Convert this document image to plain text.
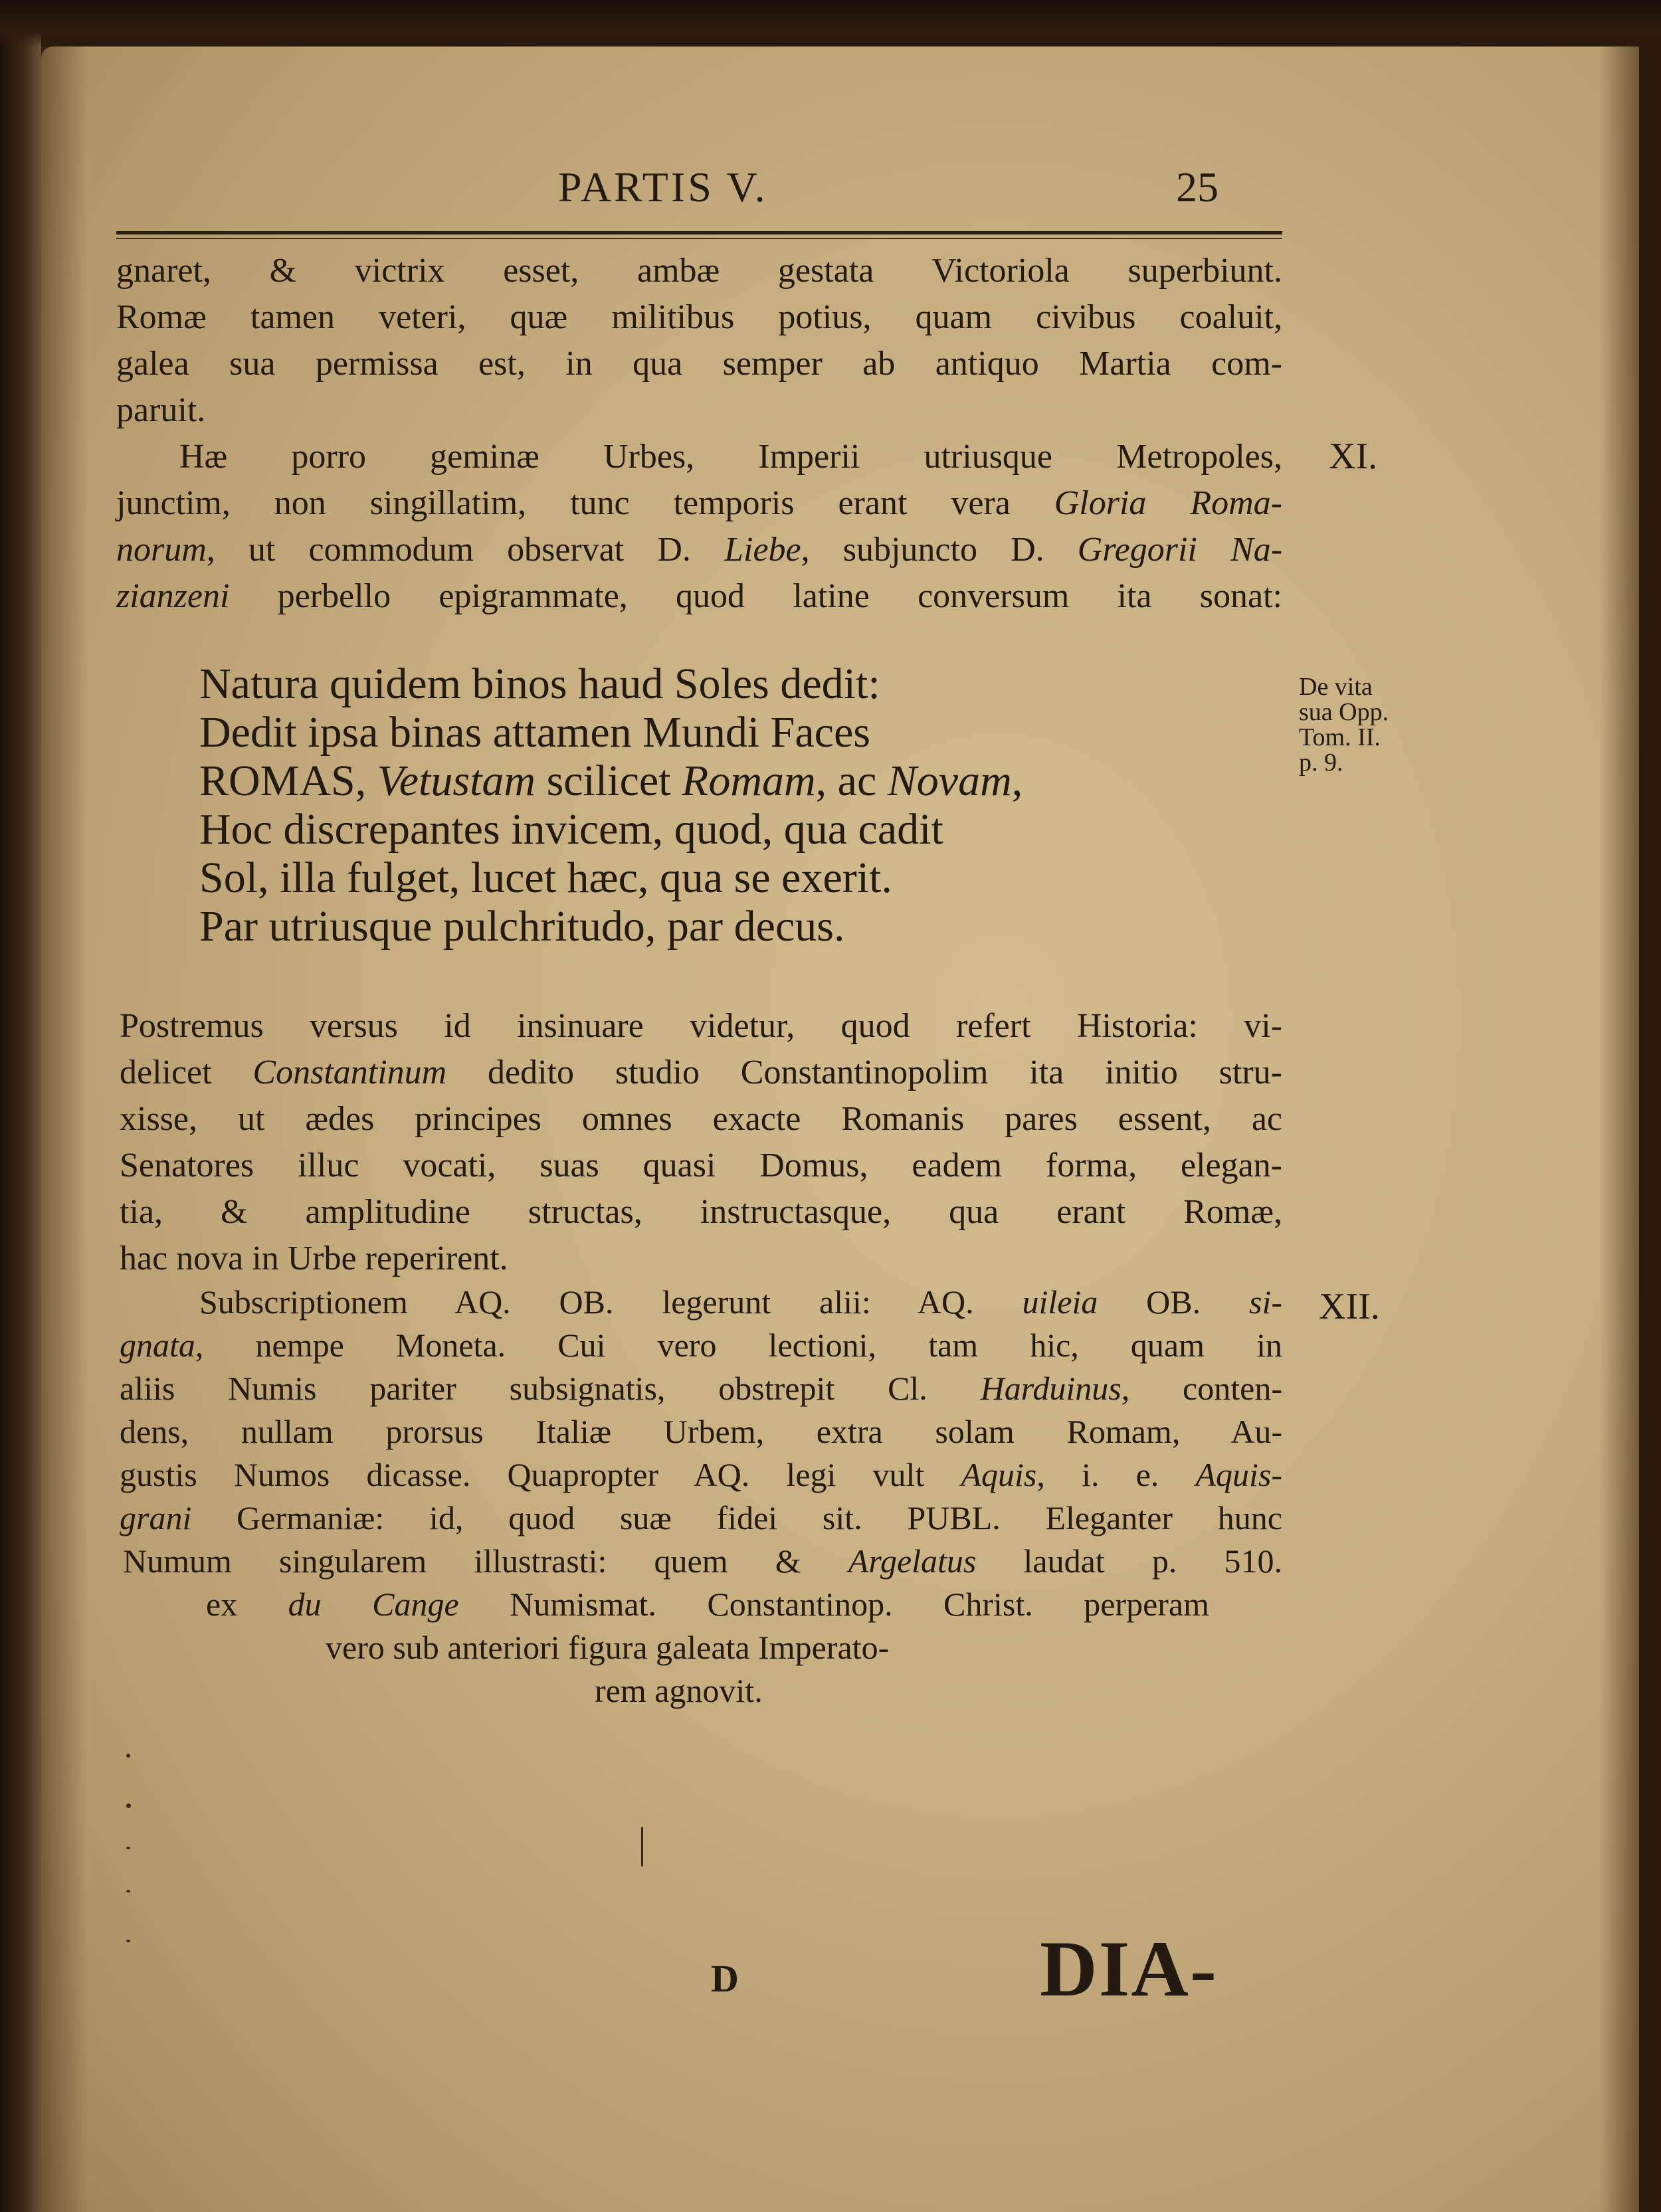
PARTIS V.	25
gnaret, & victrix esset, ambæ gestata Victoriola superbiunt.
Romæ tamen veteri, quæ militibus potius, quam civibus coaluit,
galea sua permissa est, in qua semper ab antiquo Martia com-
paruit.
Hæ porro geminæ Urbes, Imperii utriusque Metropoles,
junctim, non singillatim, tunc temporis erant vera Gloria Roma-
norum, ut commodum observat D. Liebe, subjuncto D. Gregorii Na-
zianzeni perbello epigrammate, quod latine conversum ita sonat:
XI.
Natura quidem binos haud Soles dedit:
Dedit ipsa binas attamen Mundi Faces
ROMAS, Vetustam scilicet Romam, ac Novam,
Hoc discrepantes invicem, quod, qua cadit
Sol, illa fulget, lucet hæc, qua se exerit.
Par utriusque pulchritudo, par decus.
De vita
sua Opp.
Tom. II.
p. 9.
Postremus versus id insinuare videtur, quod refert Historia: vi-
delicet Constantinum dedito studio Constantinopolim ita initio stru-
xisse, ut ædes principes omnes exacte Romanis pares essent, ac
Senatores illuc vocati, suas quasi Domus, eadem forma, elegan-
tia, & amplitudine structas, instructasque, qua erant Romæ,
hac nova in Urbe reperirent.
XII.
Subscriptionem AQ. OB. legerunt alii: AQ. uileia OB. si-
gnata, nempe Moneta. Cui vero lectioni, tam hic, quam in
aliis Numis pariter subsignatis, obstrepit Cl. Harduinus, conten-
dens, nullam prorsus Italiæ Urbem, extra solam Romam, Au-
gustis Numos dicasse. Quapropter AQ. legi vult Aquis, i. e. Aquis-
grani Germaniæ: id, quod suæ fidei sit. PUBL. Eleganter hunc
Numum singularem illustrasti: quem & Argelatus laudat p. 510.
ex du Cange Numismat. Constantinop. Christ. perperam
vero sub anteriori figura galeata Imperato-
rem agnovit.
D	DIA-
